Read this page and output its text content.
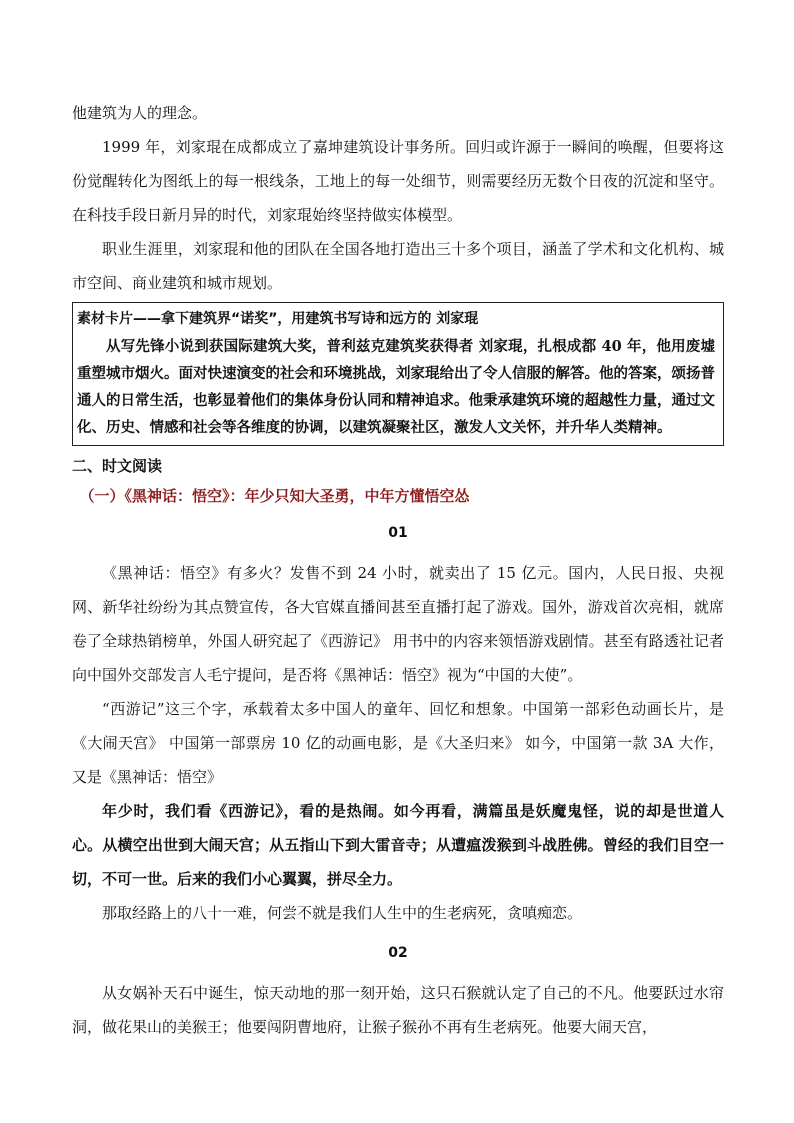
他建筑为人的理念。

1999 年，刘家琨在成都成立了嘉坤建筑设计事务所。回归或许源于一瞬间的唤醒，但要将这份觉醒转化为图纸上的每一根线条，工地上的每一处细节，则需要经历无数个日夜的沉淀和坚守。在科技手段日新月异的时代，刘家琨始终坚持做实体模型。

职业生涯里，刘家琨和他的团队在全国各地打造出三十多个项目，涵盖了学术和文化机构、城市空间、商业建筑和城市规划。

素材卡片——拿下建筑界“诺奖”，用建筑书写诗和远方的 刘家琨

从写先锋小说到获国际建筑大奖，普利兹克建筑奖获得者 刘家琨，扎根成都 40 年，他用废墟重塑城市烟火。面对快速演变的社会和环境挑战，刘家琨给出了令人信服的解答。他的答案，颂扬普通人的日常生活，也彰显着他们的集体身份认同和精神追求。他秉承建筑环境的超越性力量，通过文化、历史、情感和社会等各维度的协调，以建筑凝聚社区，激发人文关怀，并升华人类精神。

二、时文阅读
（一）《黑神话：悟空》：年少只知大圣勇，中年方懂悟空怂
01

《黑神话：悟空》有多火？发售不到 24 小时，就卖出了 15 亿元。国内，人民日报、央视网、新华社纷纷为其点赞宣传，各大官媒直播间甚至直播打起了游戏。国外，游戏首次亮相，就席卷了全球热销榜单，外国人研究起了《西游记》 用书中的内容来领悟游戏剧情。甚至有路透社记者向中国外交部发言人毛宁提问，是否将《黑神话：悟空》视为“中国的大使”。

“西游记”这三个字，承载着太多中国人的童年、回忆和想象。中国第一部彩色动画长片，是《大闹天宫》 中国第一部票房 10 亿的动画电影，是《大圣归来》 如今，中国第一款 3A 大作，又是《黑神话：悟空》

年少时，我们看《西游记》，看的是热闹。如今再看，满篇虽是妖魔鬼怪，说的却是世道人心。从横空出世到大闹天宫；从五指山下到大雷音寺；从遭瘟泼猴到斗战胜佛。曾经的我们目空一切，不可一世。后来的我们小心翼翼，拼尽全力。

那取经路上的八十一难，何尝不就是我们人生中的生老病死，贪嗔痴恋。

02

从女娲补天石中诞生，惊天动地的那一刻开始，这只石猴就认定了自己的不凡。他要跃过水帘洞，做花果山的美猴王；他要闯阴曹地府，让猴子猴孙不再有生老病死。他要大闹天宫，
